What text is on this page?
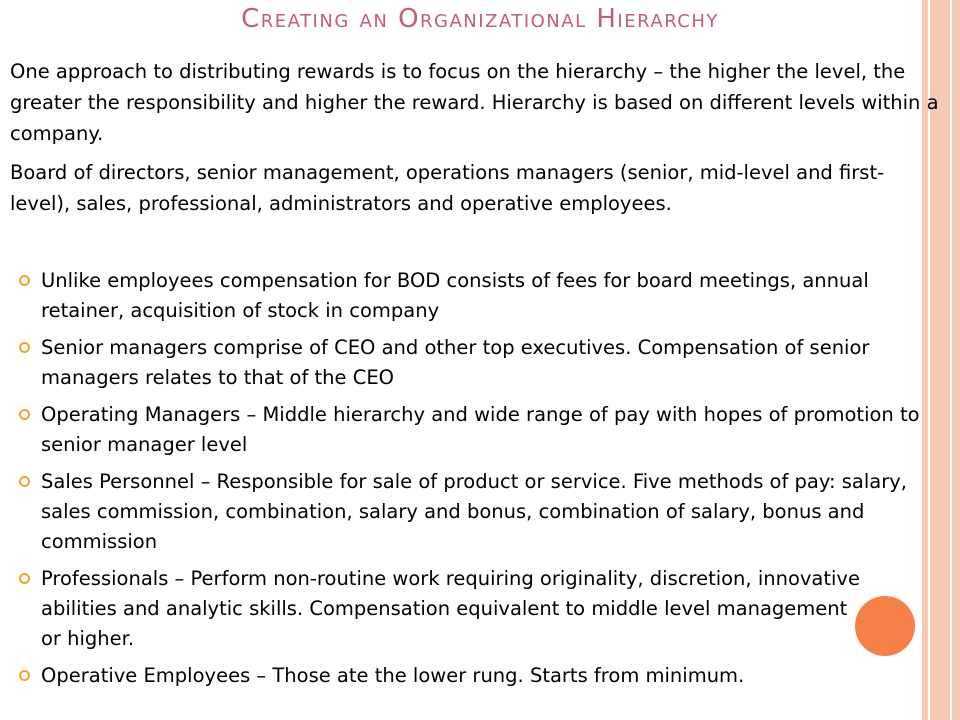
Creating an Organizational Hierarchy

One approach to distributing rewards is to focus on the hierarchy – the higher the level, the greater the responsibility and higher the reward. Hierarchy is based on different levels within a company.

Board of directors, senior management, operations managers (senior, mid-level and first-level), sales, professional, administrators and operative employees.

Unlike employees compensation for BOD consists of fees for board meetings, annual retainer, acquisition of stock in company
Senior managers comprise of CEO and other top executives. Compensation of senior managers relates to that of the CEO
Operating Managers – Middle hierarchy and wide range of pay with hopes of promotion to senior manager level
Sales Personnel – Responsible for sale of product or service. Five methods of pay: salary, sales commission, combination, salary and bonus, combination of salary, bonus and commission
Professionals – Perform non-routine work requiring originality, discretion, innovative abilities and analytic skills. Compensation equivalent to middle level management or higher.
Operative Employees – Those ate the lower rung. Starts from minimum.
